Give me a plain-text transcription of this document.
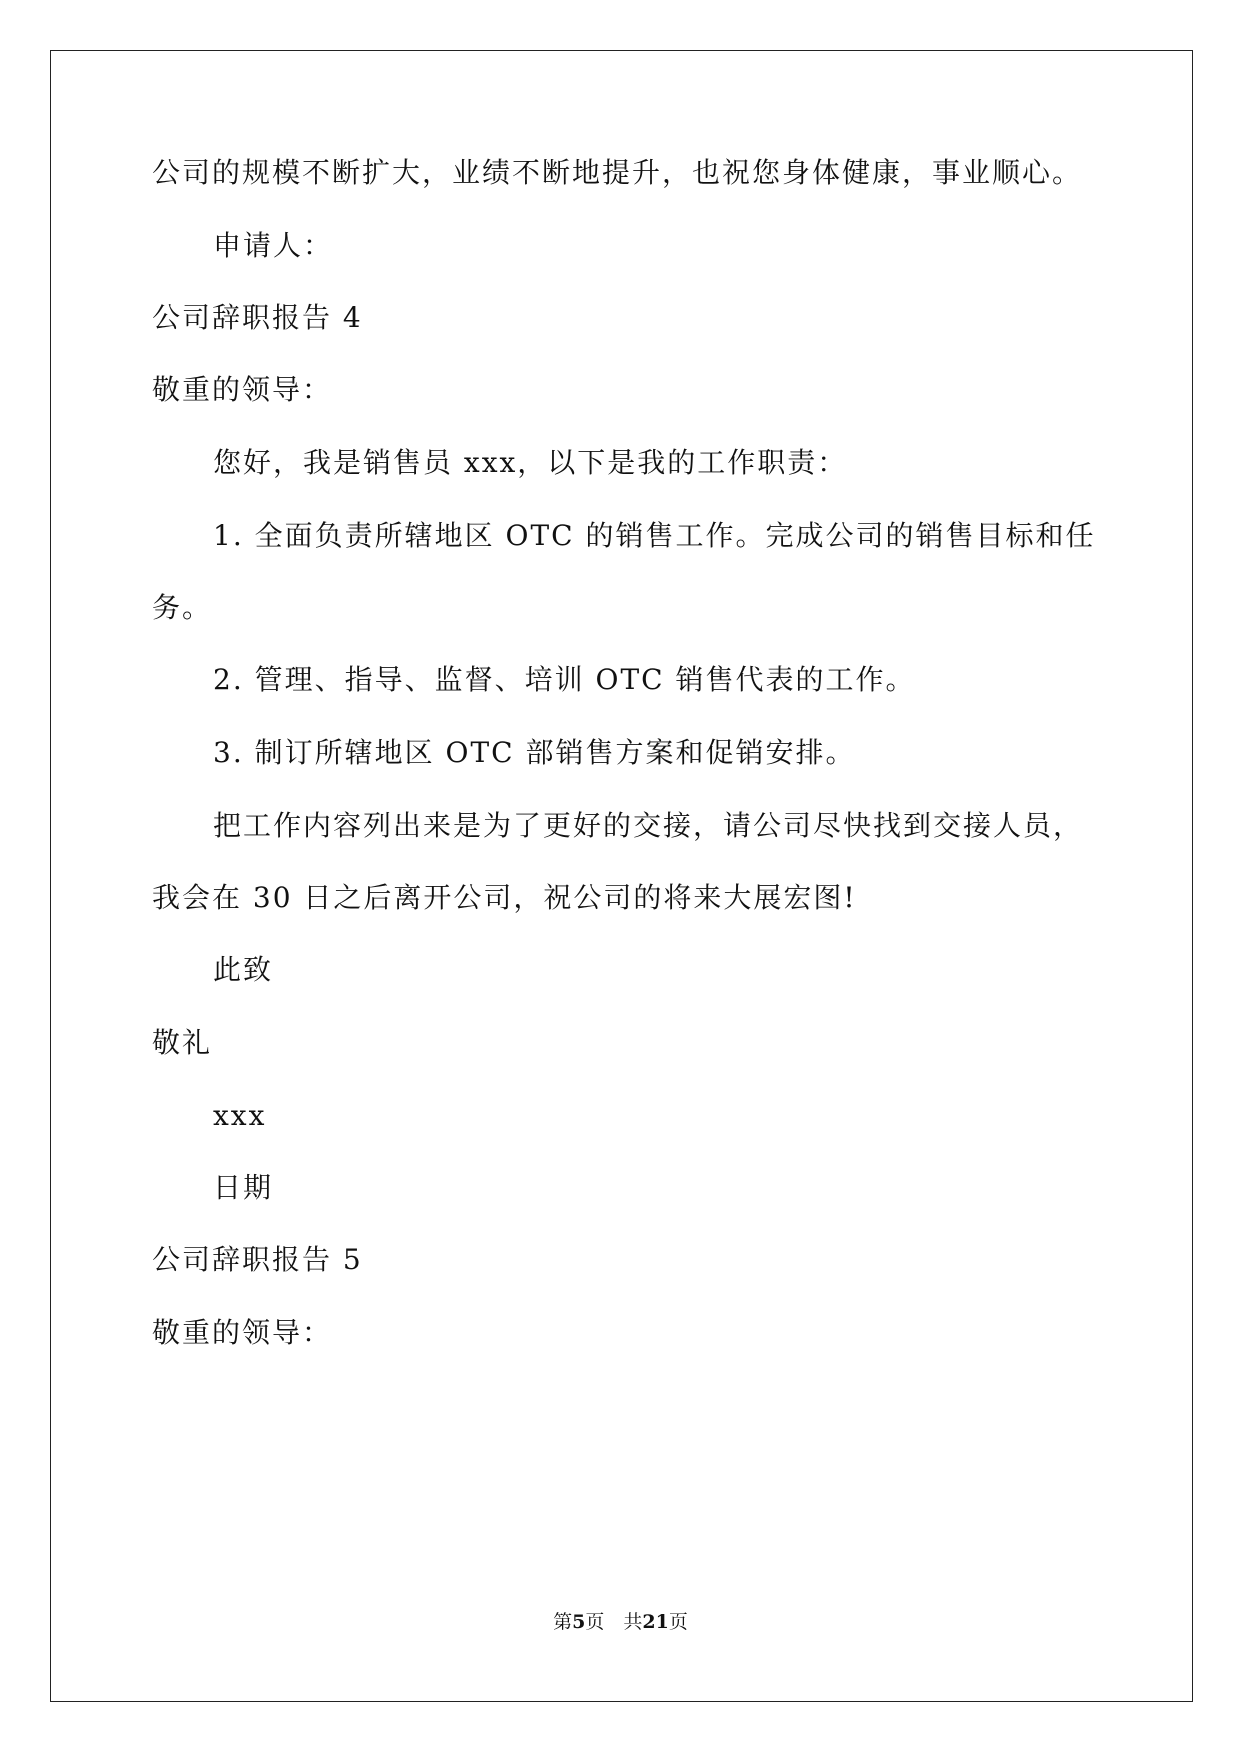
公司的规模不断扩大，业绩不断地提升，也祝您身体健康，事业顺心。
申请人：
公司辞职报告 4
敬重的领导：
您好，我是销售员 xxx，以下是我的工作职责：
1. 全面负责所辖地区 OTC 的销售工作。完成公司的销售目标和任
务。
2. 管理、指导、监督、培训 OTC 销售代表的工作。
3. 制订所辖地区 OTC 部销售方案和促销安排。
把工作内容列出来是为了更好的交接，请公司尽快找到交接人员，
我会在 30 日之后离开公司，祝公司的将来大展宏图!
此致
敬礼
xxx
日期
公司辞职报告 5
敬重的领导：
第5页　共21页
